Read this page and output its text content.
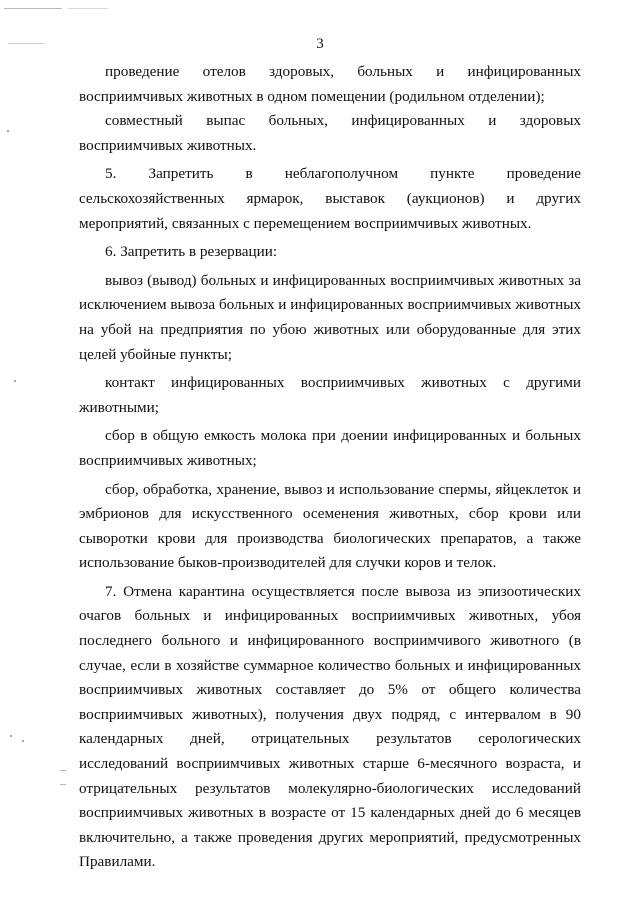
3

проведение отелов здоровых, больных и инфицированных восприимчивых животных в одном помещении (родильном отделении);

совместный выпас больных, инфицированных и здоровых восприимчивых животных.

5. Запретить в неблагополучном пункте проведение сельскохозяйственных ярмарок, выставок (аукционов) и других мероприятий, связанных с перемещением восприимчивых животных.

6. Запретить в резервации:

вывоз (вывод) больных и инфицированных восприимчивых животных за исключением вывоза больных и инфицированных восприимчивых животных на убой на предприятия по убою животных или оборудованные для этих целей убойные пункты;

контакт инфицированных восприимчивых животных с другими животными;

сбор в общую емкость молока при доении инфицированных и больных восприимчивых животных;

сбор, обработка, хранение, вывоз и использование спермы, яйцеклеток и эмбрионов для искусственного осеменения животных, сбор крови или сыворотки крови для производства биологических препаратов, а также использование быков-производителей для случки коров и телок.

7. Отмена карантина осуществляется после вывоза из эпизоотических очагов больных и инфицированных восприимчивых животных, убоя последнего больного и инфицированного восприимчивого животного (в случае, если в хозяйстве суммарное количество больных и инфицированных восприимчивых животных составляет до 5% от общего количества восприимчивых животных), получения двух подряд, с интервалом в 90 календарных дней, отрицательных результатов серологических исследований восприимчивых животных старше 6-месячного возраста, и отрицательных результатов молекулярно-биологических исследований восприимчивых животных в возрасте от 15 календарных дней до 6 месяцев включительно, а также проведения других мероприятий, предусмотренных Правилами.
